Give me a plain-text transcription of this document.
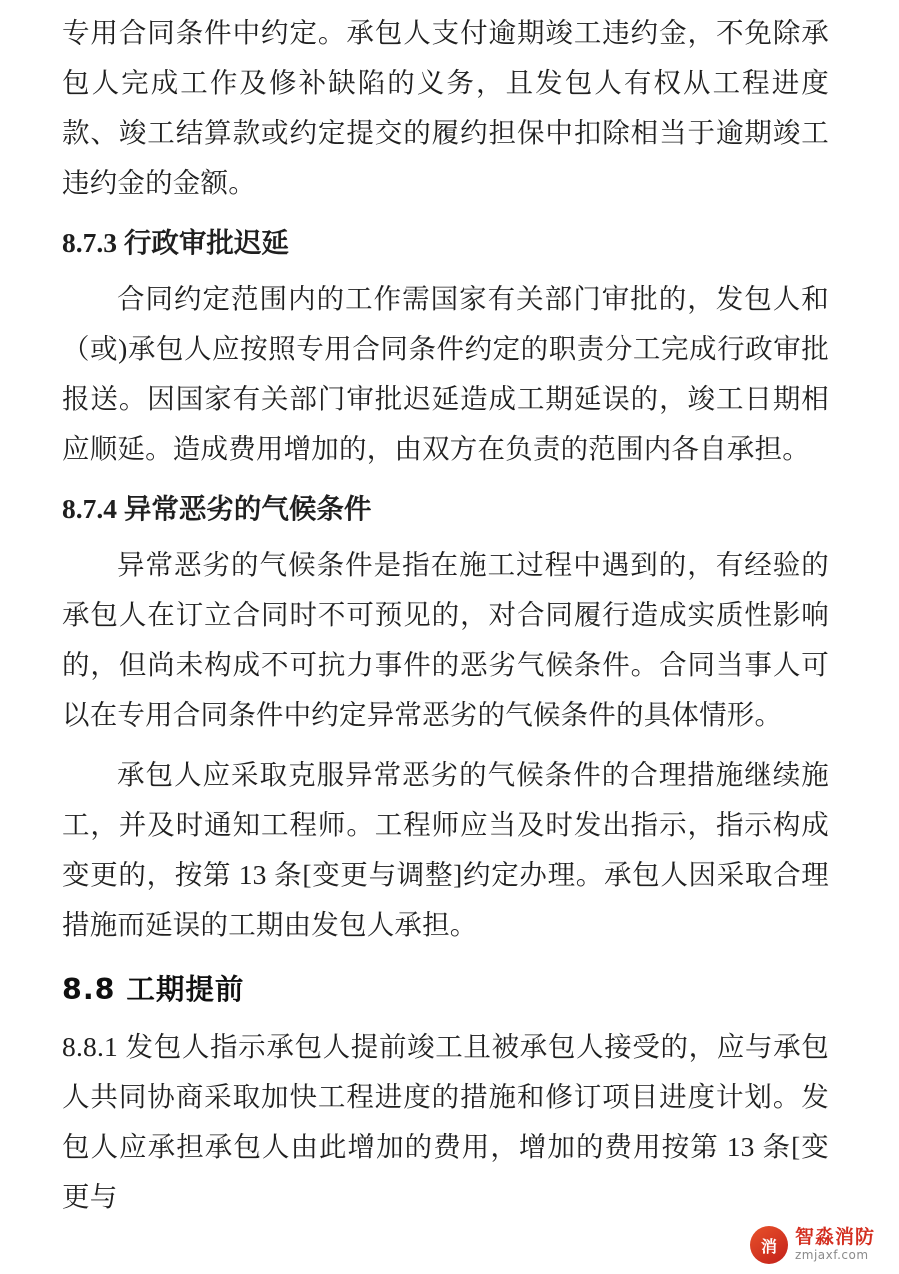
专用合同条件中约定。承包人支付逾期竣工违约金，不免除承包人完成工作及修补缺陷的义务，且发包人有权从工程进度款、竣工结算款或约定提交的履约担保中扣除相当于逾期竣工违约金的金额。

8.7.3 行政审批迟延

合同约定范围内的工作需国家有关部门审批的，发包人和（或)承包人应按照专用合同条件约定的职责分工完成行政审批报送。因国家有关部门审批迟延造成工期延误的，竣工日期相应顺延。造成费用增加的，由双方在负责的范围内各自承担。

8.7.4 异常恶劣的气候条件

异常恶劣的气候条件是指在施工过程中遇到的，有经验的承包人在订立合同时不可预见的，对合同履行造成实质性影响的，但尚未构成不可抗力事件的恶劣气候条件。合同当事人可以在专用合同条件中约定异常恶劣的气候条件的具体情形。

承包人应采取克服异常恶劣的气候条件的合理措施继续施工，并及时通知工程师。工程师应当及时发出指示，指示构成变更的，按第 13 条[变更与调整]约定办理。承包人因采取合理措施而延误的工期由发包人承担。

8.8 工期提前

8.8.1 发包人指示承包人提前竣工且被承包人接受的，应与承包人共同协商采取加快工程进度的措施和修订项目进度计划。发包人应承担承包人由此增加的费用，增加的费用按第 13 条[变更与

消 智淼消防
zmjaxf.com
